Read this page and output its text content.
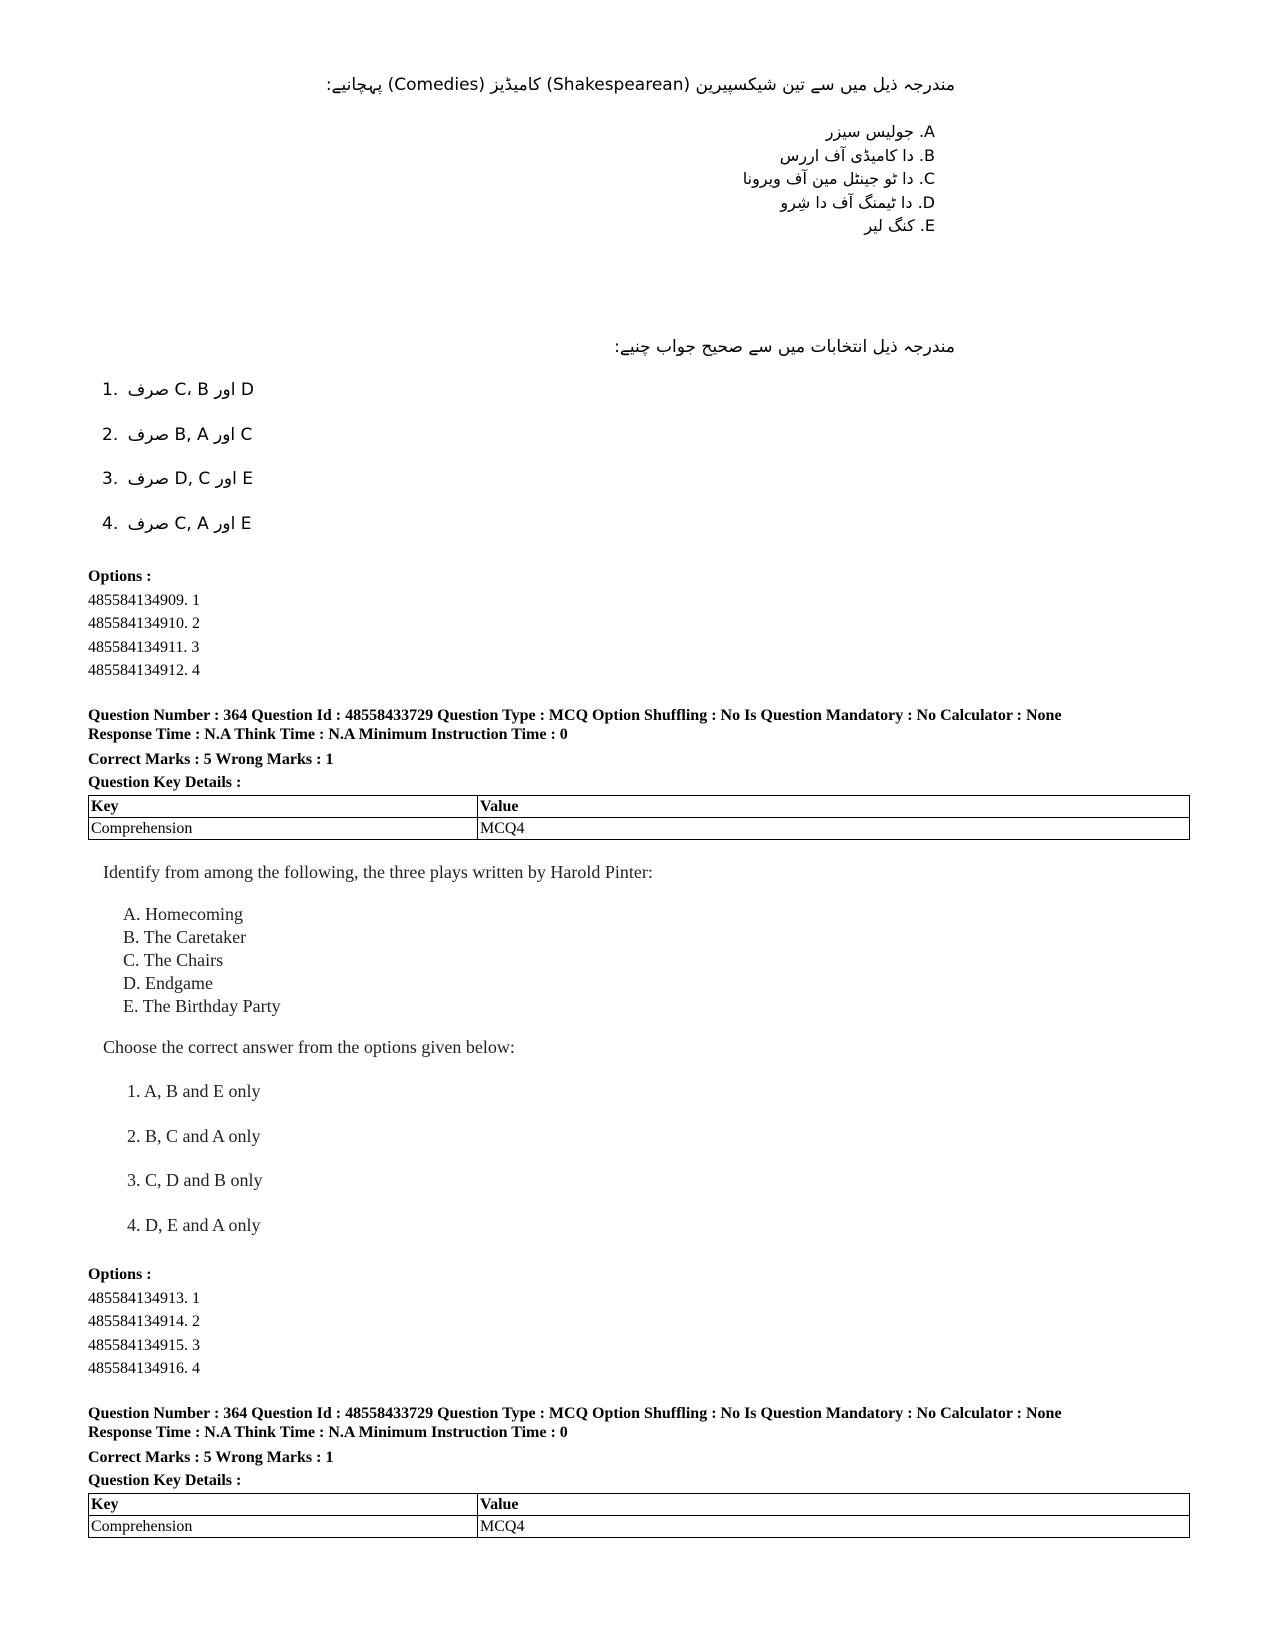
مندرجہ ذیل میں سے تین شیکسپیرین (Shakespearean) کامیڈیز (Comedies) پہچانیے:
A. جولیس سیزر
B. دا کامیڈی آف اررس
C. دا ٹو جینٹل مین آف ویرونا
D. دا ٹیمنگ آف دا شِرو
E. کنگ لیر
مندرجہ ذیل انتخابات میں سے صحیح جواب چنیے:
1. D اور C، B صرف
2. C اور B, A صرف
3. E اور D, C صرف
4. E اور C, A صرف
Options :
485584134909. 1
485584134910. 2
485584134911. 3
485584134912. 4
Question Number : 364 Question Id : 48558433729 Question Type : MCQ Option Shuffling : No Is Question Mandatory : No Calculator : None
Response Time : N.A Think Time : N.A Minimum Instruction Time : 0
Correct Marks : 5 Wrong Marks : 1
Question Key Details :
Key	Value
Comprehension	MCQ4
Identify from among the following, the three plays written by Harold Pinter:
A. Homecoming
B. The Caretaker
C. The Chairs
D. Endgame
E. The Birthday Party
Choose the correct answer from the options given below:
1. A, B and E only
2. B, C and A only
3. C, D and B only
4. D, E and A only
Options :
485584134913. 1
485584134914. 2
485584134915. 3
485584134916. 4
Question Number : 364 Question Id : 48558433729 Question Type : MCQ Option Shuffling : No Is Question Mandatory : No Calculator : None
Response Time : N.A Think Time : N.A Minimum Instruction Time : 0
Correct Marks : 5 Wrong Marks : 1
Question Key Details :
Key	Value
Comprehension	MCQ4
